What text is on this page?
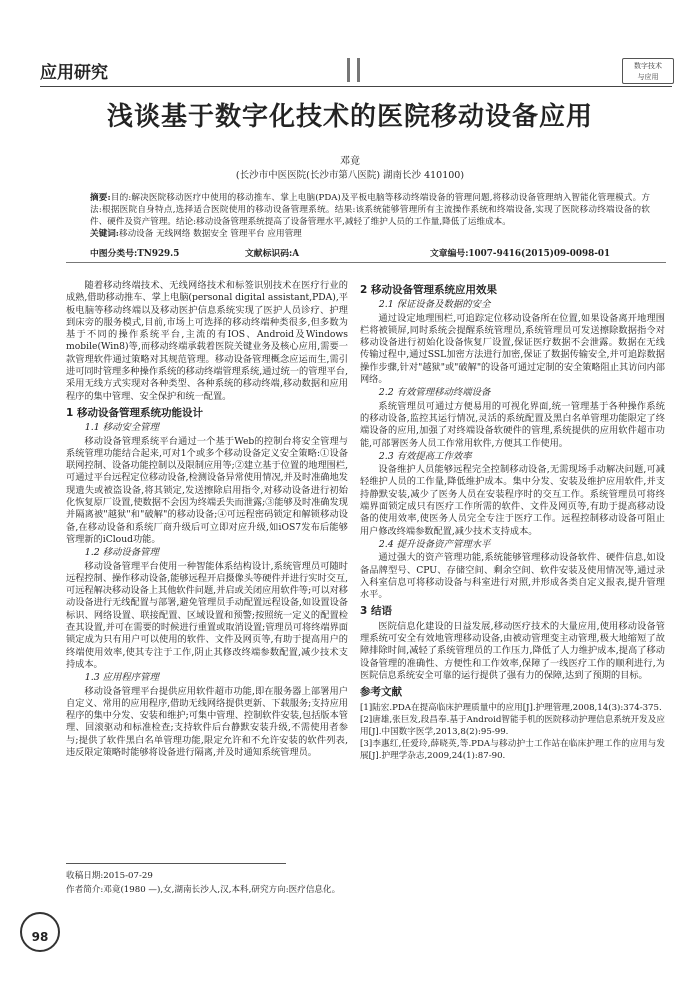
应用研究	数字技术
与应用
浅谈基于数字化技术的医院移动设备应用
邓竟
(长沙市中医医院(长沙市第八医院) 湖南长沙 410100)
摘要:目的:解决医院移动医疗中使用的移动推车、掌上电脑(PDA)及平板电脑等移动终端设备的管理问题,将移动设备管理纳入智能化管理模式。方法:根据医院自身特点,选择适合医院使用的移动设备管理系统。结果:该系统能够管理所有主流操作系统和终端设备,实现了医院移动终端设备的软件、硬件及资产管理。结论:移动设备管理系统提高了设备管理水平,减轻了维护人员的工作量,降低了运维成本。
关键词:移动设备 无线网络 数据安全 管理平台 应用管理
中图分类号:TN929.5	文献标识码:A	文章编号:1007-9416(2015)09-0098-01

随着移动终端技术、无线网络技术和标签识别技术在医疗行业的成熟,借助移动推车、掌上电脑(personal digital assistant,PDA),平板电脑等移动终端以及移动医护信息系统实现了医护人员诊疗、护理到床旁的服务模式,目前,市场上可选择的移动终端种类很多,但多数为基于不同的操作系统平台,主流的有IOS、Android及Windows mobile(Win8)等,而移动终端承载着医院关键业务及核心应用,需要一款管理软件通过策略对其规范管理。移动设备管理概念应运而生,需引进可同时管理多种操作系统的移动终端管理系统,通过统一的管理平台,采用无线方式实现对各种类型、各种系统的移动终端,移动数据和应用程序的集中管理、安全保护和统一配置。

1 移动设备管理系统功能设计
1.1 移动安全管理

移动设备管理系统平台通过一个基于Web的控制台将安全管理与系统管理功能结合起来,可对1个或多个移动设备定义安全策略:①设备联网控制、设备功能控制以及限制应用等;②建立基于位置的地理围栏,可通过平台远程定位移动设备,检测设备异常使用情况,并及时准确地发现遗失或被盗设备,将其锁定,发送擦除启用指令,对移动设备进行初始化恢复原厂设置,使数据不会因为终端丢失而泄露;③能够及时准确发现并隔离被"越狱"和"破解"的移动设备;④可远程密码锁定和解锁移动设备,在移动设备和系统厂商升级后可立即对应升级,如iOS7发布后能够管理新的iCloud功能。

1.2 移动设备管理

移动设备管理平台使用一种智能体系结构设计,系统管理员可随时远程控制、操作移动设备,能够远程开启摄像头等硬件并进行实时交互,可远程解决移动设备上其他软件问题,并启或关闭应用软件等;可以对移动设备进行无线配置与部署,避免管理员手动配置远程设备,如设置设备标识、网络设置、联接配置、区域设置和预警;按照统一定义的配置检查其设置,并可在需要的时候进行重置或取消设置;管理员可将终端界面锁定成为只有用户可以使用的软件、文件及网页等,有助于提高用户的终端使用效率,使其专注于工作,阴止其修改终端参数配置,减少技术支持成本。

1.3 应用程序管理

移动设备管理平台提供应用软件超市功能,即在服务器上部署用户自定义、常用的应用程序,借助无线网络提供更新、下载服务;支持应用程序的集中分发、安装和维护;可集中管理、控制软件安装,包括版本管理、回滚驱动和标准检查;支持软件后台静默安装升级,不需使用者参与;提供了软件黑白名单管理功能,限定允许和不允许安装的软件列表,违反限定策略时能够将设备进行隔离,并及时通知系统管理员。

2 移动设备管理系统应用效果
2.1 保证设备及数据的安全

通过设定地理围栏,可追踪定位移动设备所在位置,如果设备离开地理围栏将被锁屏,同时系统会提醒系统管理员,系统管理员可发送擦除数据指令对移动设备进行初始化设备恢复厂设置,保证医疗数据不会泄露。数据在无线传输过程中,通过SSL加密方法进行加密,保证了数据传输安全,并可追踪数据操作步骤,针对"越狱"或"破解"的设备可通过定制的安全策略阻止其访问内部网络。

2.2 有效管理移动终端设备

系统管理员可通过方便易用的可视化界面,统一管理基于各种操作系统的移动设备,监控其运行情况,灵活的系统配置及黑白名单管理功能限定了终端设备的应用,加强了对终端设备软硬件的管理,系统提供的应用软件超市功能,可部署医务人员工作常用软件,方便其工作使用。

2.3 有效提高工作效率

设备维护人员能够远程完全控制移动设备,无需现场手动解决问题,可减轻维护人员的工作量,降低维护成本。集中分发、安装及维护应用软件,并支持静默安装,减少了医务人员在安装程序时的交互工作。系统管理员可将终端界面锁定成只有医疗工作所需的软件、文件及网页等,有助于提高移动设备的使用效率,使医务人员完全专注于医疗工作。远程控制移动设备可阻止用户修改终端参数配置,减少技术支持成本。

2.4 提升设备资产管理水平

通过强大的资产管理功能,系统能够管理移动设备软件、硬件信息,如设备品牌型号、CPU、存储空间、剩余空间、软件安装及使用情况等,通过录入科室信息可将移动设备与科室进行对照,并形成各类自定义报表,提升管理水平。

3 结语

医院信息化建设的日益发展,移动医疗技术的大量应用,使用移动设备管理系统可安全有效地管理移动设备,由被动管理变主动管理,极大地缩短了故障排除时间,减轻了系统管理员的工作压力,降低了人力维护成本,提高了移动设备管理的准确性、方便性和工作效率,保障了一线医疗工作的顺利进行,为医院信息系统安全可靠的运行提供了强有力的保障,达到了预期的目标。

参考文献
[1]陆宏.PDA在提高临床护理质量中的应用[J].护理管理,2008,14(3):374-375.
[2]唐雄,张巨发,段昌奉.基于Android智能手机的医院移动护理信息系统开发及应用[J].中国数字医学,2013,8(2):95-99.
[3]李惠红,任爱玲,薛晓英,等.PDA与移动护士工作站在临床护理工作的应用与发展[J].护理学杂志,2009,24(1):87-90.
收稿日期:2015-07-29
作者简介:邓竟(1980 —),女,湖南长沙人,汉,本科,研究方向:医疗信息化。
98
